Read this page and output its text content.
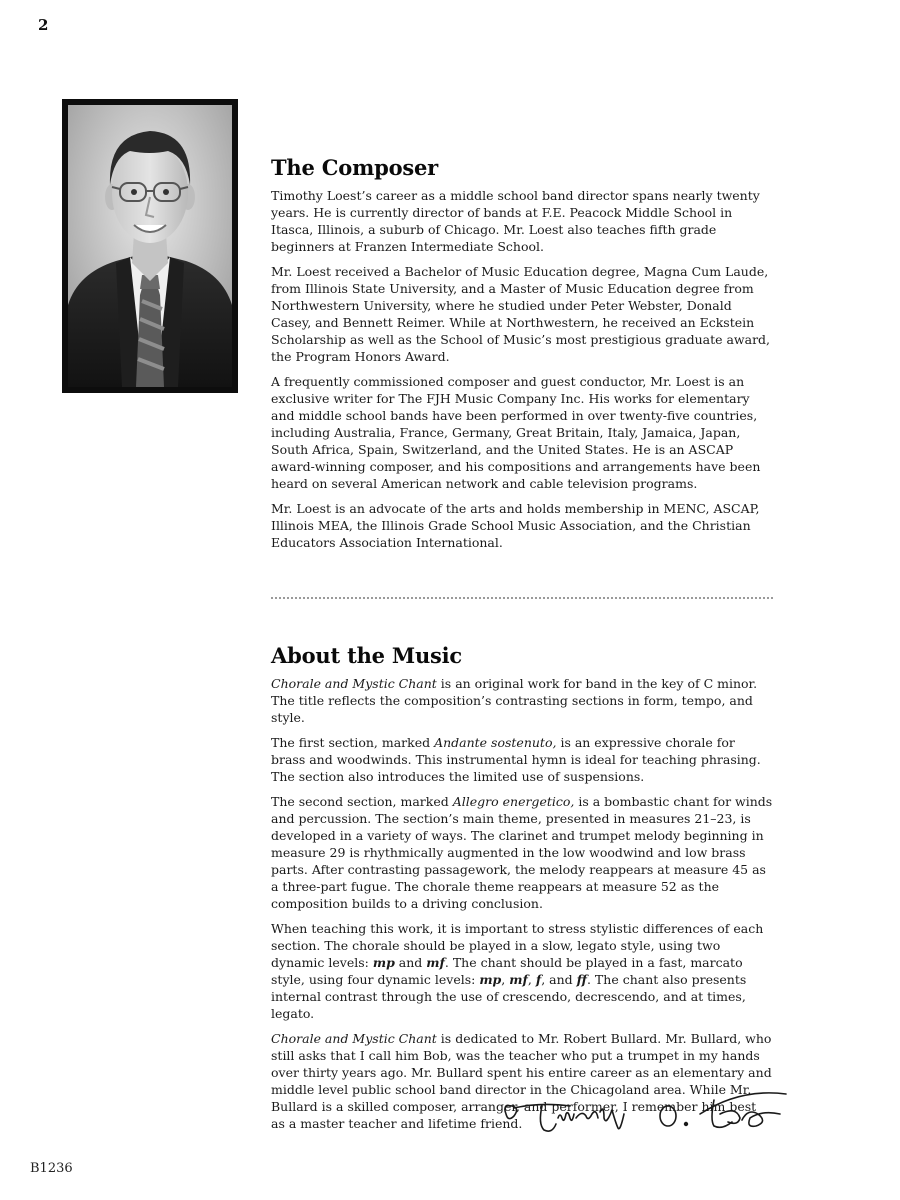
2
The Composer

Timothy Loest’s career as a middle school band director spans nearly twenty years. He is currently director of bands at F.E. Peacock Middle School in Itasca, Illinois, a suburb of Chicago. Mr. Loest also teaches fifth grade beginners at Franzen Intermediate School.

Mr. Loest received a Bachelor of Music Education degree, Magna Cum Laude, from Illinois State University, and a Master of Music Education degree from Northwestern University, where he studied under Peter Webster, Donald Casey, and Bennett Reimer. While at Northwestern, he received an Eckstein Scholarship as well as the School of Music’s most prestigious graduate award, the Program Honors Award.

A frequently commissioned composer and guest conductor, Mr. Loest is an exclusive writer for The FJH Music Company Inc. His works for elementary and middle school bands have been performed in over twenty-five countries, including Australia, France, Germany, Great Britain, Italy, Jamaica, Japan, South Africa, Spain, Switzerland, and the United States. He is an ASCAP award-winning composer, and his compositions and arrangements have been heard on several American network and cable television programs.

Mr. Loest is an advocate of the arts and holds membership in MENC, ASCAP, Illinois MEA, the Illinois Grade School Music Association, and the Christian Educators Association International.

About the Music

Chorale and Mystic Chant is an original work for band in the key of C minor. The title reflects the composition’s contrasting sections in form, tempo, and style.

The first section, marked Andante sostenuto, is an expressive chorale for brass and woodwinds. This instrumental hymn is ideal for teaching phrasing. The section also introduces the limited use of suspensions.

The second section, marked Allegro energetico, is a bombastic chant for winds and percussion. The section’s main theme, presented in measures 21–23, is developed in a variety of ways. The clarinet and trumpet melody beginning in measure 29 is rhythmically augmented in the low woodwind and low brass parts. After contrasting passagework, the melody reappears at measure 45 as a three-part fugue. The chorale theme reappears at measure 52 as the composition builds to a driving conclusion.

When teaching this work, it is important to stress stylistic differences of each section. The chorale should be played in a slow, legato style, using two dynamic levels: mp and mf. The chant should be played in a fast, marcato style, using four dynamic levels: mp, mf, f, and ff. The chant also presents internal contrast through the use of crescendo, decrescendo, and at times, legato.

Chorale and Mystic Chant is dedicated to Mr. Robert Bullard. Mr. Bullard, who still asks that I call him Bob, was the teacher who put a trumpet in my hands over thirty years ago. Mr. Bullard spent his entire career as an elementary and middle level public school band director in the Chicagoland area. While Mr. Bullard is a skilled composer, arranger, and performer, I remember him best as a master teacher and lifetime friend.

B1236
